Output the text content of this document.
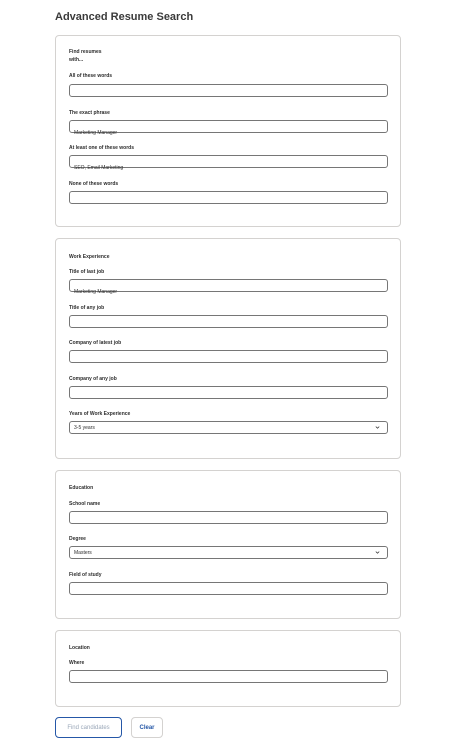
Advanced Resume Search
Find resumes
with...
All of these words
The exact phrase
Marketing Manager
At least one of these words
SEO, Email Marketing
None of these words
Work Experience
Title of last job
Marketing Manager
Title of any job
Company of latest job
Company of any job
Years of Work Experience
3-5 years
Education
School name
Degree
Masters
Field of study
Location
Where
Find candidates	Clear
